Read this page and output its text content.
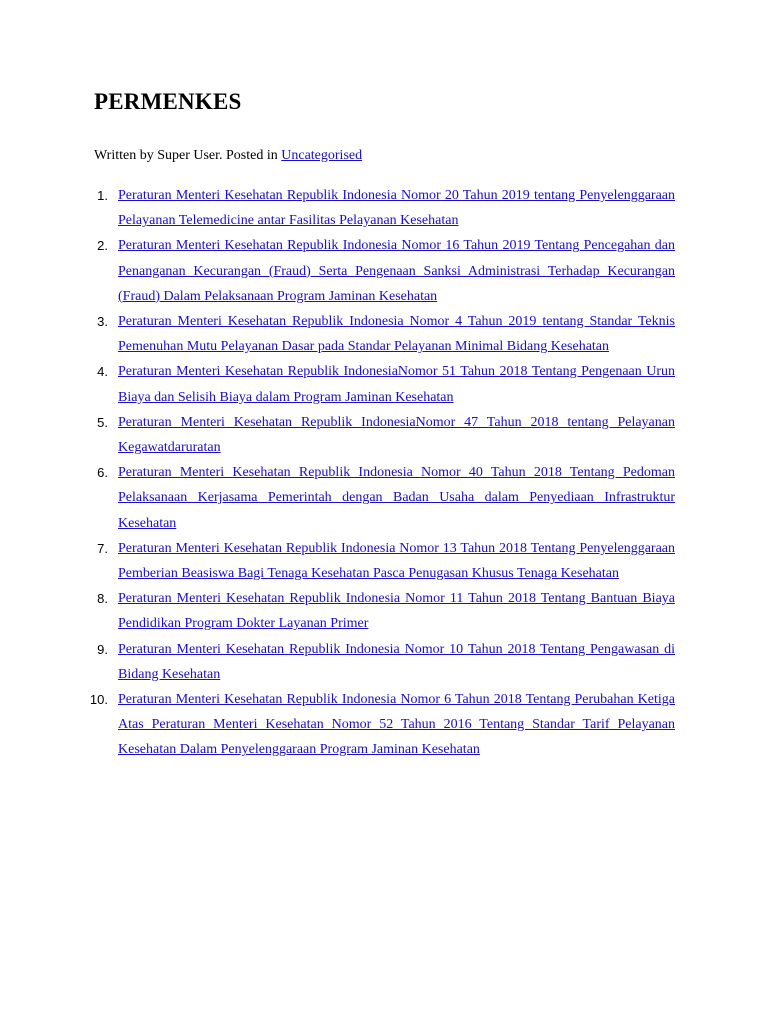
PERMENKES
Written by Super User. Posted in Uncategorised
1. Peraturan Menteri Kesehatan Republik Indonesia Nomor 20 Tahun 2019 tentang Penyelenggaraan Pelayanan Telemedicine antar Fasilitas Pelayanan Kesehatan
2. Peraturan Menteri Kesehatan Republik Indonesia Nomor 16 Tahun 2019 Tentang Pencegahan dan Penanganan Kecurangan (Fraud) Serta Pengenaan Sanksi Administrasi Terhadap Kecurangan (Fraud) Dalam Pelaksanaan Program Jaminan Kesehatan
3. Peraturan Menteri Kesehatan Republik Indonesia Nomor 4 Tahun 2019 tentang Standar Teknis Pemenuhan Mutu Pelayanan Dasar pada Standar Pelayanan Minimal Bidang Kesehatan
4. Peraturan Menteri Kesehatan Republik IndonesiaNomor 51 Tahun 2018 Tentang Pengenaan Urun Biaya dan Selisih Biaya dalam Program Jaminan Kesehatan
5. Peraturan Menteri Kesehatan Republik IndonesiaNomor 47 Tahun 2018 tentang Pelayanan Kegawatdaruratan
6. Peraturan Menteri Kesehatan Republik Indonesia Nomor 40 Tahun 2018 Tentang Pedoman Pelaksanaan Kerjasama Pemerintah dengan Badan Usaha dalam Penyediaan Infrastruktur Kesehatan
7. Peraturan Menteri Kesehatan Republik Indonesia Nomor 13 Tahun 2018 Tentang Penyelenggaraan Pemberian Beasiswa Bagi Tenaga Kesehatan Pasca Penugasan Khusus Tenaga Kesehatan
8. Peraturan Menteri Kesehatan Republik Indonesia Nomor 11 Tahun 2018 Tentang Bantuan Biaya Pendidikan Program Dokter Layanan Primer
9. Peraturan Menteri Kesehatan Republik Indonesia Nomor 10 Tahun 2018 Tentang Pengawasan di Bidang Kesehatan
10. Peraturan Menteri Kesehatan Republik Indonesia Nomor 6 Tahun 2018 Tentang Perubahan Ketiga Atas Peraturan Menteri Kesehatan Nomor 52 Tahun 2016 Tentang Standar Tarif Pelayanan Kesehatan Dalam Penyelenggaraan Program Jaminan Kesehatan
